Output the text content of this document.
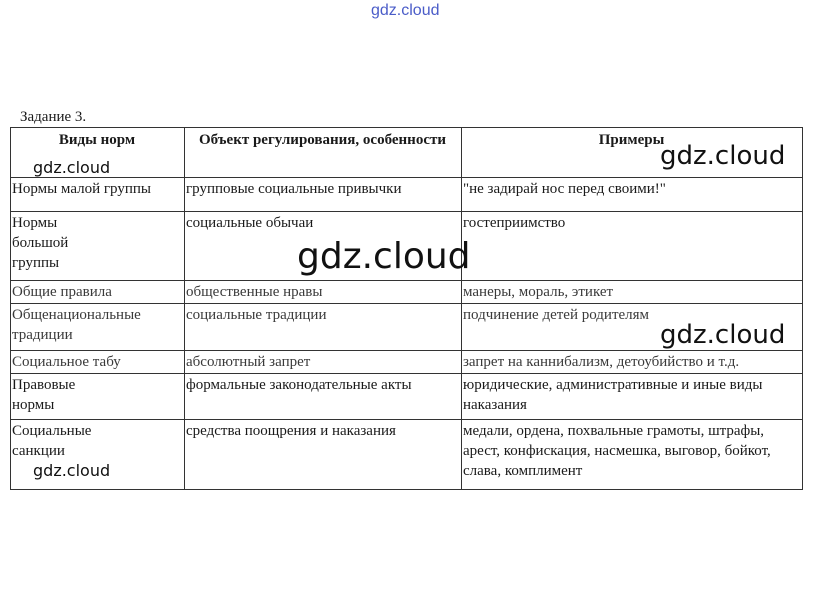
gdz.cloud
Задание 3.
Виды норм	Объект регулирования, особенности	Примеры
Нормы малой группы	групповые социальные привычки	"не задирай нос перед своими!"
Нормы большой группы	социальные обычаи	гостеприимство
Общие правила	общественные нравы	манеры, мораль, этикет
Общенациональные традиции	социальные традиции	подчинение детей родителям
Социальное табу	абсолютный запрет	запрет на каннибализм, детоубийство и т.д.
Правовые нормы	формальные законодательные акты	юридические, административные и иные виды наказания
Социальные санкции	средства поощрения и наказания	медали, ордена, похвальные грамоты, штрафы, арест, конфискация, насмешка, выговор, бойкот, слава, комплимент
gdz.cloud	gdz.cloud
gdz.cloud
gdz.cloud
gdz.cloud
